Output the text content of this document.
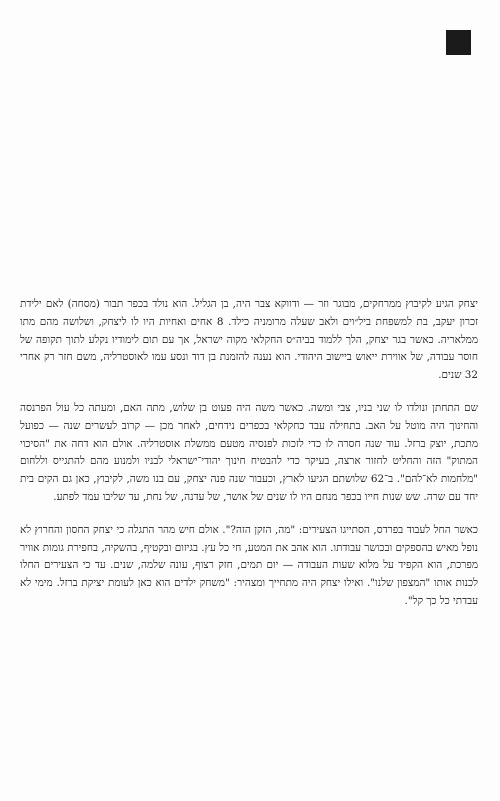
יצחק הגיע לקיבוץ ממרחקים, מבוגר וזר — ודווקא צבר היה, בן הגליל. הוא נולד בכפר תבור (מסחה) לאם ילידת זכרון יעקב, בת למשפחת ביל״וים ולאב שעלה מרומניה כילד. 8 אחים ואחיות היו לו ליצחק, ושלושה מהם מתו ממלאריה. כאשר בגר יצחק, הלך ללמוד בביה״ס החקלאי מקוה ישראל, אך עם תום לימודיו נקלע לתוך תקופה של חוסר עבודה, של אווירת ייאוש ביישוב היהודי. הוא נענה להזמנת בן דוד ונסע עמו לאוסטרליה, משם חזר רק אחרי 32 שנים.

שם התחתן ונולדו לו שני בניו, צבי ומשה. כאשר משה היה פעוט בן שלוש, מתה האם, ומעתה כל עול הפרנסה והחינוך היה מוטל על האב. בתחילה עבד כחקלאי בכפרים נידחים, לאחר מכן — קרוב לעשרים שנה — כפועל מתכת, יוצק ברזל. עוד שנה חסרה לו כדי לזכות לפנסיה מטעם ממשלת אוסטרליה. אולם הוא דחה את "הסיכוי המתוק" הזה והחליט לחזור ארצה, בעיקר כדי להבטיח חינוך יהודי־ישראלי לבניו ולמנוע מהם להתגייס וללחום "מלחמות לא־להם". ב־62 שלושתם הגיעו לארץ, וכעבור שנה פנה יצחק, עם בנו משה, לקיבוץ, כאן גם הקים בית יחד עם שרה. שש שנות חייו בכפר מנחם היו לו שנים של אושר, של עדנה, של נחת, עד שליבו עמד לפתע.

כאשר החל לעבוד בפרדס, הסתייגו הצעירים: "מה, הזקן הזה?". אולם חיש מהר התגלה כי יצחק החסון והחרוץ לא נופל מאיש בהספקים ובכושר עבודתו. הוא אהב את המטע, חי כל עץ. בגיזום ובקטיף, בהשקיה, בחפירת גומות אוויר מפרכת, הוא הקפיד על מלוא שעות העבודה — יום תמים, חזק רצוף, עונה שלמה, שנים. עד כי הצעירים החלו לכנות אותו "המצפון שלנו". ואילו יצחק היה מתחייך ומצהיר: "משחק ילדים הוא כאן לעומת יציקת ברזל. מימי לא עבדתי כל כך קל".
